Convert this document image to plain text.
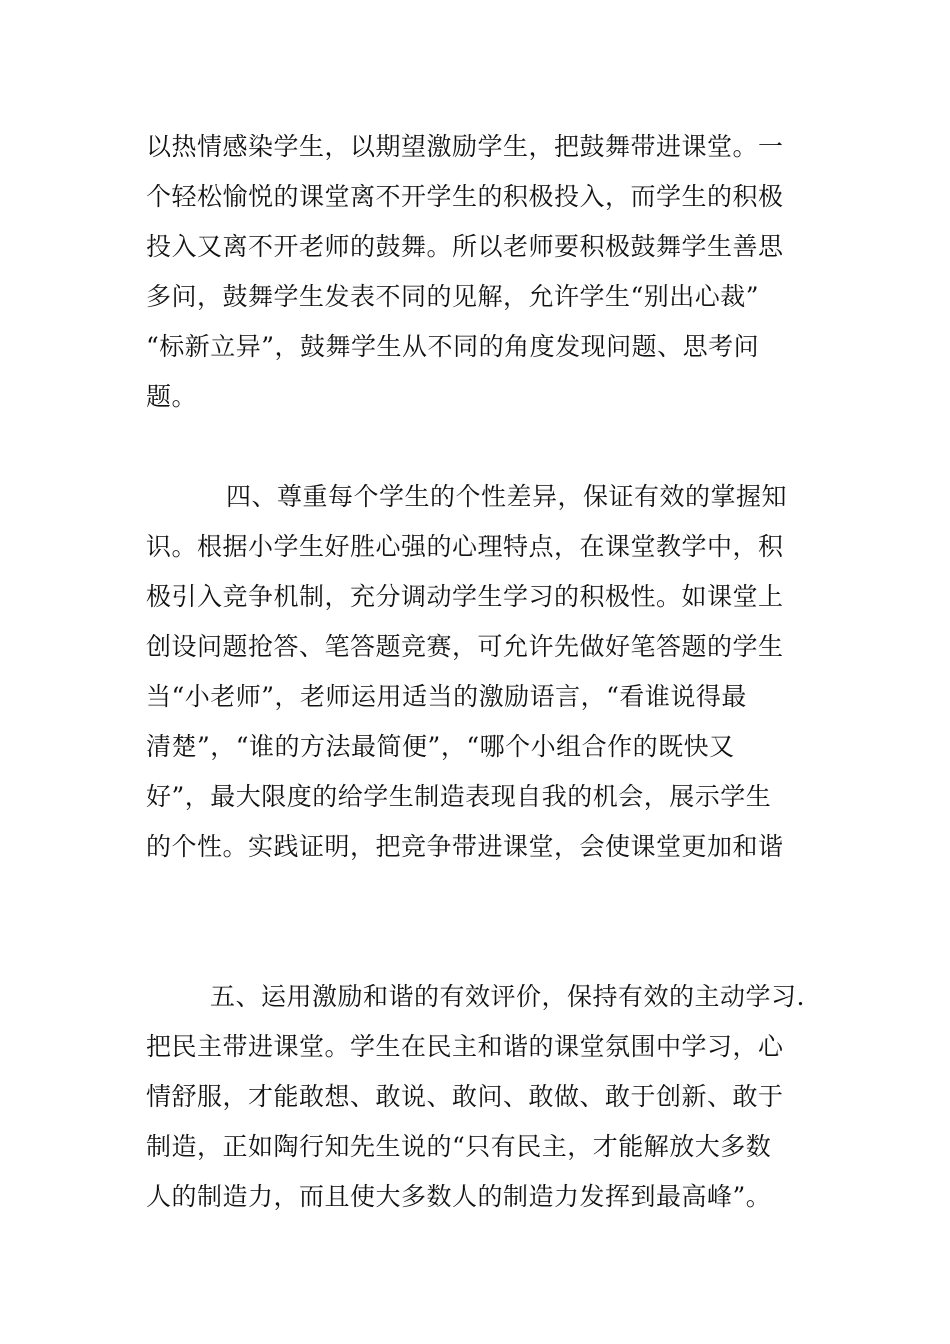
以热情感染学生，以期望激励学生，把鼓舞带进课堂。一
个轻松愉悦的课堂离不开学生的积极投入，而学生的积极
投入又离不开老师的鼓舞。所以老师要积极鼓舞学生善思
多问，鼓舞学生发表不同的见解，允许学生“别出心裁”
“标新立异”，鼓舞学生从不同的角度发现问题、思考问
题。
四、尊重每个学生的个性差异，保证有效的掌握知
识。根据小学生好胜心强的心理特点，在课堂教学中，积
极引入竞争机制，充分调动学生学习的积极性。如课堂上
创设问题抢答、笔答题竞赛，可允许先做好笔答题的学生
当“小老师”，老师运用适当的激励语言，“看谁说得最
清楚”，“谁的方法最简便”，“哪个小组合作的既快又
好”，最大限度的给学生制造表现自我的机会，展示学生
的个性。实践证明，把竞争带进课堂，会使课堂更加和谐
五、运用激励和谐的有效评价，保持有效的主动学习.
把民主带进课堂。学生在民主和谐的课堂氛围中学习，心
情舒服，才能敢想、敢说、敢问、敢做、敢于创新、敢于
制造，正如陶行知先生说的“只有民主，才能解放大多数
人的制造力，而且使大多数人的制造力发挥到最高峰”。
